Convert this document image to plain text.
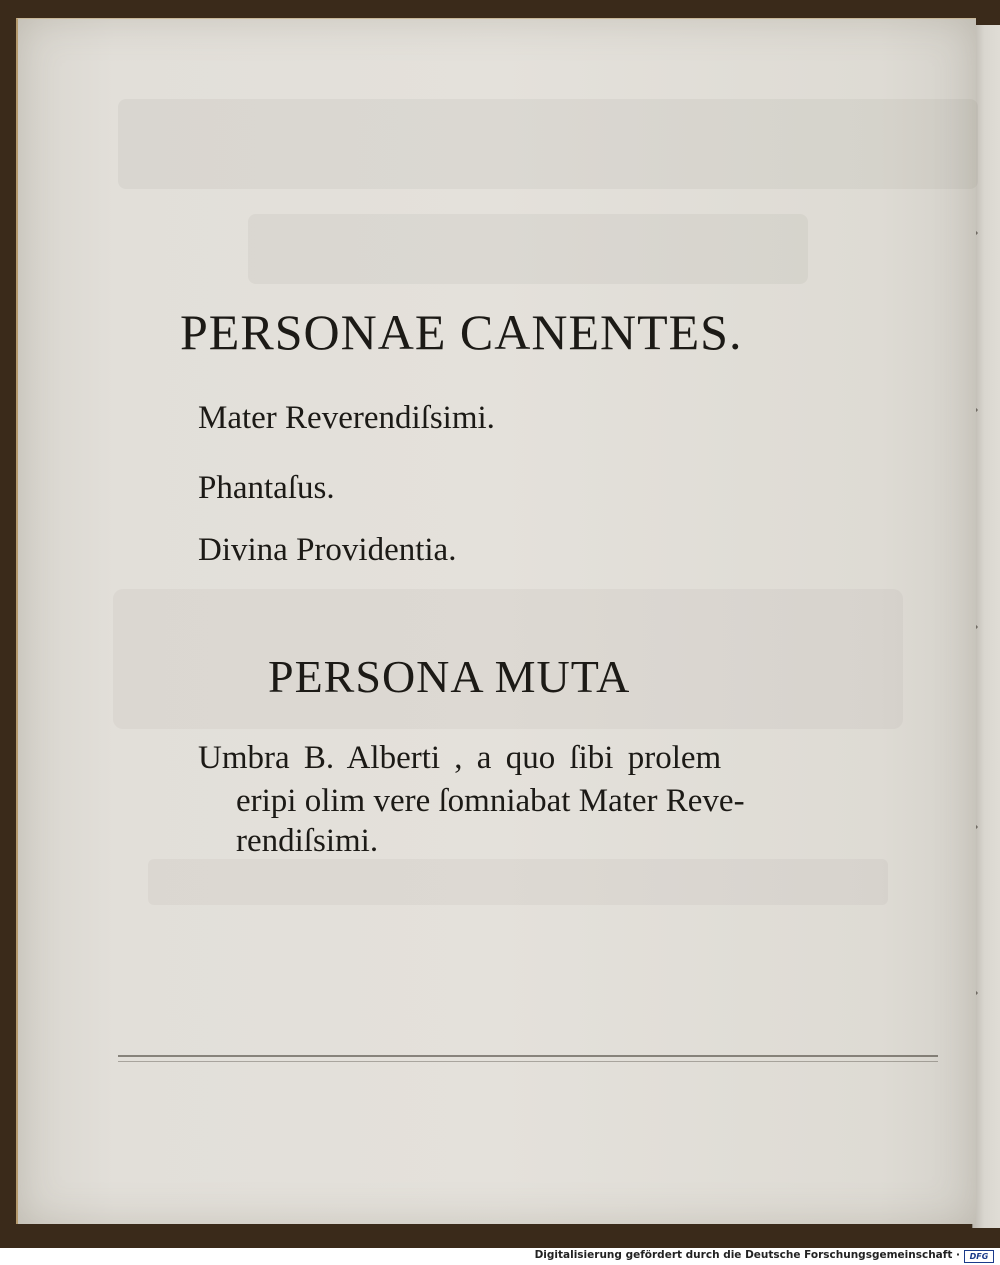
PERSONAE CANENTES.
Mater Reverendiſsimi.
Phantaſus.
Divina Providentia.
PERSONA MUTA
Umbra B. Alberti , a quo ſibi prolem
eripi olim vere ſomniabat Mater Reve-
rendiſsimi.
Digitalisierung gefördert durch die Deutsche Forschungsgemeinschaft ·	DFG
